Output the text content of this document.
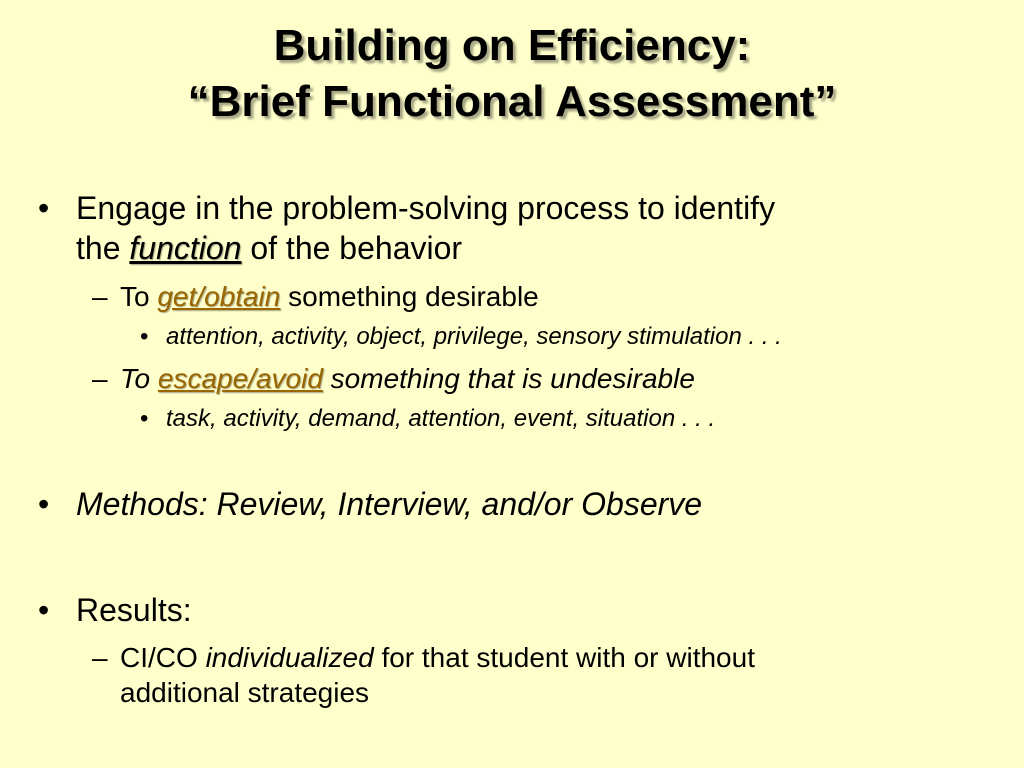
Building on Efficiency:
“Brief Functional Assessment”
• Engage in the problem-solving process to identify
the function of the behavior
– To get/obtain something desirable
• attention, activity, object, privilege, sensory stimulation . . .
– To escape/avoid something that is undesirable
• task, activity, demand, attention, event, situation . . .
• Methods: Review, Interview, and/or Observe
• Results:
– CI/CO individualized for that student with or without
additional strategies
